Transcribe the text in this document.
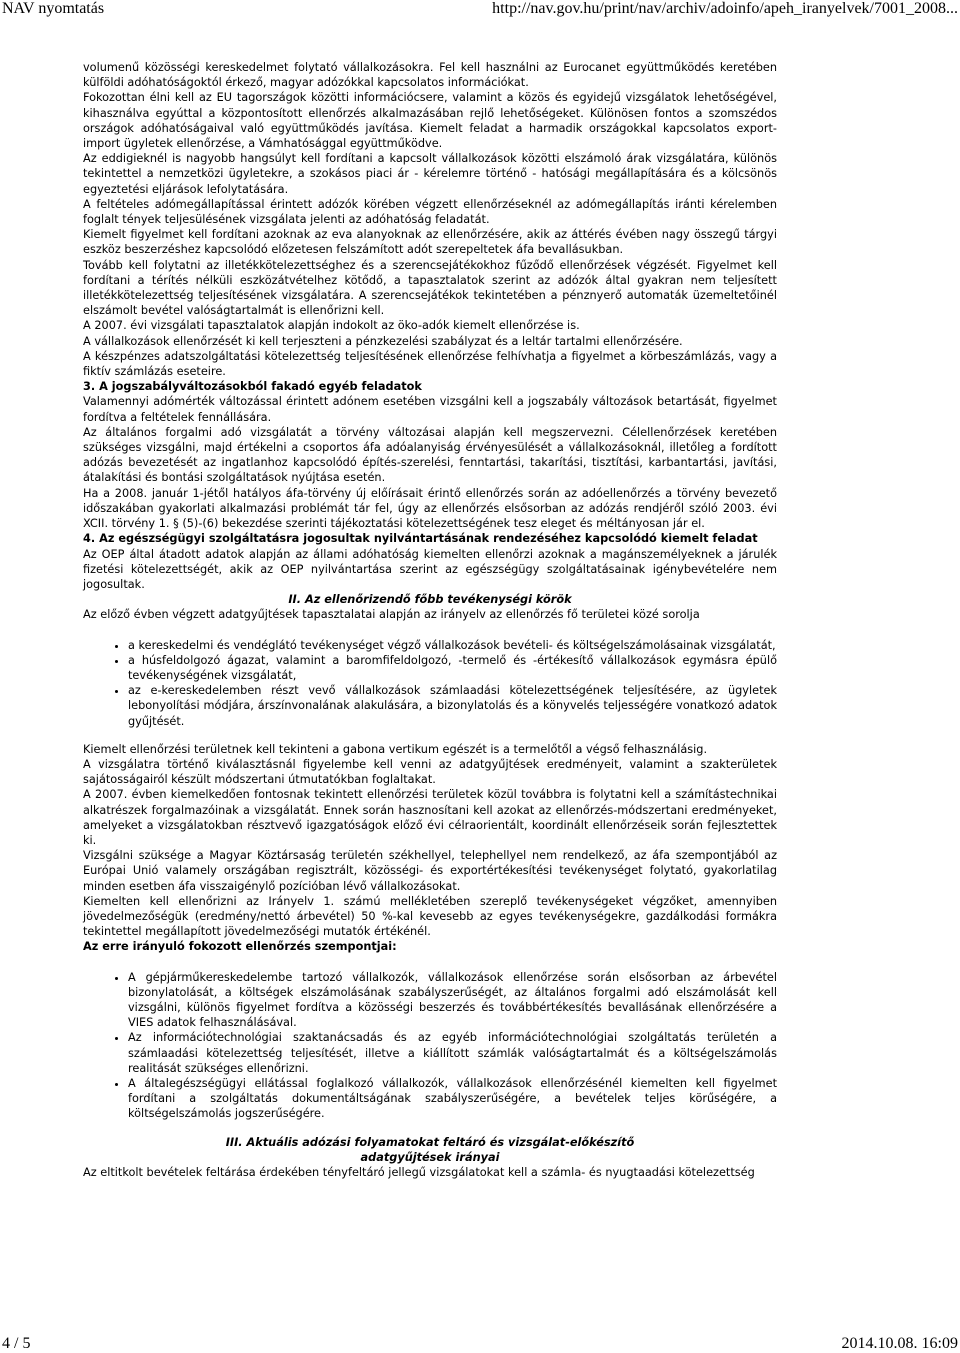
NAV nyomtatás	http://nav.gov.hu/print/nav/archiv/adoinfo/apeh_iranyelvek/7001_2008...

volumenű közösségi kereskedelmet folytató vállalkozásokra. Fel kell használni az Eurocanet együttműködés keretében külföldi adóhatóságoktól érkező, magyar adózókkal kapcsolatos információkat.

Fokozottan élni kell az EU tagországok közötti információcsere, valamint a közös és egyidejű vizsgálatok lehetőségével, kihasználva egyúttal a központosított ellenőrzés alkalmazásában rejlő lehetőségeket. Különösen fontos a szomszédos országok adóhatóságaival való együttműködés javítása. Kiemelt feladat a harmadik országokkal kapcsolatos export-import ügyletek ellenőrzése, a Vámhatósággal együttműködve.

Az eddigieknél is nagyobb hangsúlyt kell fordítani a kapcsolt vállalkozások közötti elszámoló árak vizsgálatára, különös tekintettel a nemzetközi ügyletekre, a szokásos piaci ár - kérelemre történő - hatósági megállapítására és a kölcsönös egyeztetési eljárások lefolytatására.

A feltételes adómegállapítással érintett adózók körében végzett ellenőrzéseknél az adómegállapítás iránti kérelemben foglalt tények teljesülésének vizsgálata jelenti az adóhatóság feladatát.

Kiemelt figyelmet kell fordítani azoknak az eva alanyoknak az ellenőrzésére, akik az áttérés évében nagy összegű tárgyi eszköz beszerzéshez kapcsolódó előzetesen felszámított adót szerepeltetek áfa bevallásukban.

Tovább kell folytatni az illetékkötelezettséghez és a szerencsejátékokhoz fűződő ellenőrzések végzését. Figyelmet kell fordítani a térítés nélküli eszközátvételhez kötődő, a tapasztalatok szerint az adózók által gyakran nem teljesített illetékkötelezettség teljesítésének vizsgálatára. A szerencsejátékok tekintetében a pénznyerő automaták üzemeltetőinél elszámolt bevétel valóságtartalmát is ellenőrizni kell.

A 2007. évi vizsgálati tapasztalatok alapján indokolt az öko-adók kiemelt ellenőrzése is.

A vállalkozások ellenőrzését ki kell terjeszteni a pénzkezelési szabályzat és a leltár tartalmi ellenőrzésére.

A készpénzes adatszolgáltatási kötelezettség teljesítésének ellenőrzése felhívhatja a figyelmet a körbeszámlázás, vagy a fiktív számlázás eseteire.

3. A jogszabályváltozásokból fakadó egyéb feladatok

Valamennyi adómérték változással érintett adónem esetében vizsgálni kell a jogszabály változások betartását, figyelmet fordítva a feltételek fennállására.

Az általános forgalmi adó vizsgálatát a törvény változásai alapján kell megszervezni. Célellenőrzések keretében szükséges vizsgálni, majd értékelni a csoportos áfa adóalanyiság érvényesülését a vállalkozásoknál, illetőleg a fordított adózás bevezetését az ingatlanhoz kapcsolódó építés-szerelési, fenntartási, takarítási, tisztítási, karbantartási, javítási, átalakítási és bontási szolgáltatások nyújtása esetén.

Ha a 2008. január 1-jétől hatályos áfa-törvény új előírásait érintő ellenőrzés során az adóellenőrzés a törvény bevezető időszakában gyakorlati alkalmazási problémát tár fel, úgy az ellenőrzés elsősorban az adózás rendjéről szóló 2003. évi XCII. törvény 1. § (5)-(6) bekezdése szerinti tájékoztatási kötelezettségének tesz eleget és méltányosan jár el.

4. Az egészségügyi szolgáltatásra jogosultak nyilvántartásának rendezéséhez kapcsolódó kiemelt feladat

Az OEP által átadott adatok alapján az állami adóhatóság kiemelten ellenőrzi azoknak a magánszemélyeknek a járulék fizetési kötelezettségét, akik az OEP nyilvántartása szerint az egészségügy szolgáltatásainak igénybevételére nem jogosultak.

II. Az ellenőrizendő főbb tevékenységi körök

Az előző évben végzett adatgyűjtések tapasztalatai alapján az irányelv az ellenőrzés fő területei közé sorolja

• a kereskedelmi és vendéglátó tevékenységet végző vállalkozások bevételi- és költségelszámolásainak vizsgálatát,
• a húsfeldolgozó ágazat, valamint a baromfifeldolgozó, -termelő és -értékesítő vállalkozások egymásra épülő tevékenységének vizsgálatát,
• az e-kereskedelemben részt vevő vállalkozások számlaadási kötelezettségének teljesítésére, az ügyletek lebonyolítási módjára, árszínvonalának alakulására, a bizonylatolás és a könyvelés teljességére vonatkozó adatok gyűjtését.

Kiemelt ellenőrzési területnek kell tekinteni a gabona vertikum egészét is a termelőtől a végső felhasználásig.

A vizsgálatra történő kiválasztásnál figyelembe kell venni az adatgyűjtések eredményeit, valamint a szakterületek sajátosságairól készült módszertani útmutatókban foglaltakat.

A 2007. évben kiemelkedően fontosnak tekintett ellenőrzési területek közül továbbra is folytatni kell a számítástechnikai alkatrészek forgalmazóinak a vizsgálatát. Ennek során hasznosítani kell azokat az ellenőrzés-módszertani eredményeket, amelyeket a vizsgálatokban résztvevő igazgatóságok előző évi célraorientált, koordinált ellenőrzéseik során fejlesztettek ki.

Vizsgálni szüksége a Magyar Köztársaság területén székhellyel, telephellyel nem rendelkező, az áfa szempontjából az Európai Unió valamely országában regisztrált, közösségi- és exportértékesítési tevékenységet folytató, gyakorlatilag minden esetben áfa visszaigénylő pozícióban lévő vállalkozásokat.

Kiemelten kell ellenőrizni az Irányelv 1. számú mellékletében szereplő tevékenységeket végzőket, amennyiben jövedelmezőségük (eredmény/nettó árbevétel) 50 %-kal kevesebb az egyes tevékenységekre, gazdálkodási formákra tekintettel megállapított jövedelmezőségi mutatók értékénél.

Az erre irányuló fokozott ellenőrzés szempontjai:

• A gépjárműkereskedelembe tartozó vállalkozók, vállalkozások ellenőrzése során elsősorban az árbevétel bizonylatolását, a költségek elszámolásának szabályszerűségét, az általános forgalmi adó elszámolását kell vizsgálni, különös figyelmet fordítva a közösségi beszerzés és továbbértékesítés bevallásának ellenőrzésére a VIES adatok felhasználásával.
• Az információtechnológiai szaktanácsadás és az egyéb információtechnológiai szolgáltatás területén a számlaadási kötelezettség teljesítését, illetve a kiállított számlák valóságtartalmát és a költségelszámolás realitását szükséges ellenőrizni.
• A általegészségügyi ellátással foglalkozó vállalkozók, vállalkozások ellenőrzésénél kiemelten kell figyelmet fordítani a szolgáltatás dokumentáltságának szabályszerűségére, a bevételek teljes körűségére, a költségelszámolás jogszerűségére.

III. Aktuális adózási folyamatokat feltáró és vizsgálat-előkészítő
adatgyűjtések irányai

Az eltitkolt bevételek feltárása érdekében tényfeltáró jellegű vizsgálatokat kell a számla- és nyugtaadási kötelezettség

4 / 5	2014.10.08. 16:09
